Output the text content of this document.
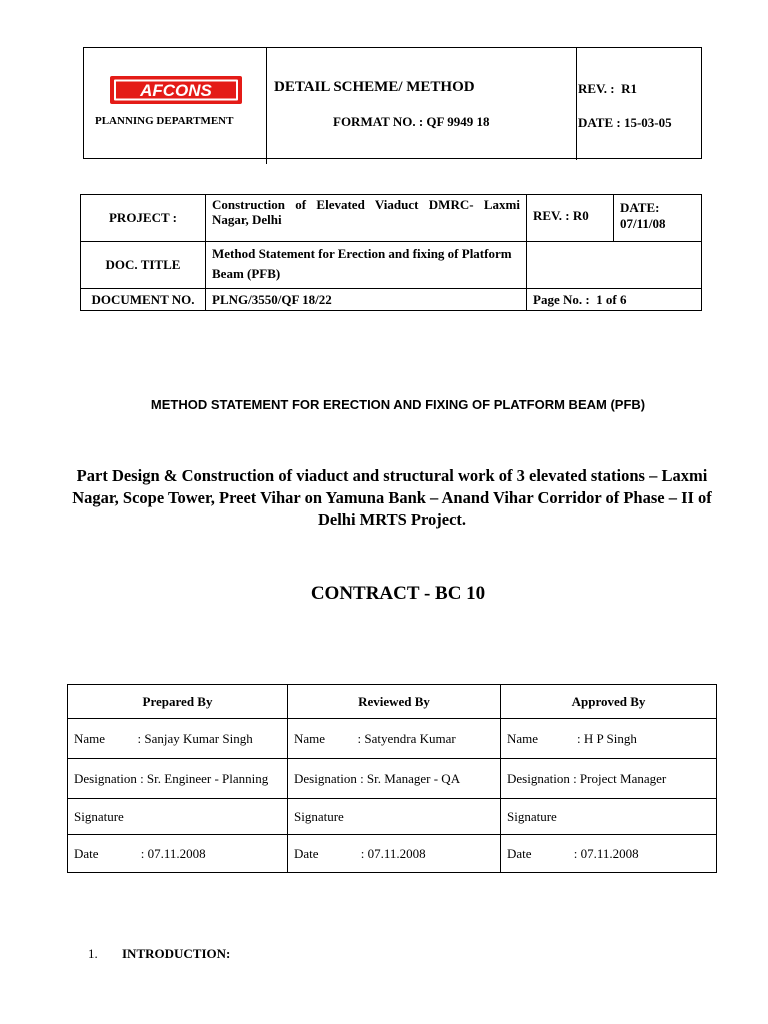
AFCONS
PLANNING DEPARTMENT
DETAIL SCHEME/ METHOD
FORMAT NO. : QF 9949 18
REV. :  R1
DATE : 15-03-05
PROJECT :	Construction of Elevated Viaduct DMRC- Laxmi Nagar, Delhi	REV. : R0	DATE: 07/11/08
DOC. TITLE	Method Statement for Erection and fixing of Platform Beam (PFB)		
DOCUMENT NO.	PLNG/3550/QF 18/22	Page No. :  1 of 6	
METHOD STATEMENT FOR ERECTION AND FIXING OF PLATFORM BEAM (PFB)
Part Design & Construction of viaduct and structural work of 3 elevated stations – Laxmi Nagar, Scope Tower, Preet Vihar on Yamuna Bank – Anand Vihar Corridor of Phase – II of Delhi MRTS Project.
CONTRACT - BC 10
Prepared By	Reviewed By	Approved By
Name          : Sanjay Kumar Singh	Name          : Satyendra Kumar	Name            : H P Singh
Designation : Sr. Engineer - Planning	Designation : Sr. Manager - QA	Designation : Project Manager
Signature	Signature	Signature
Date             : 07.11.2008	Date             : 07.11.2008	Date             : 07.11.2008
1. INTRODUCTION:
